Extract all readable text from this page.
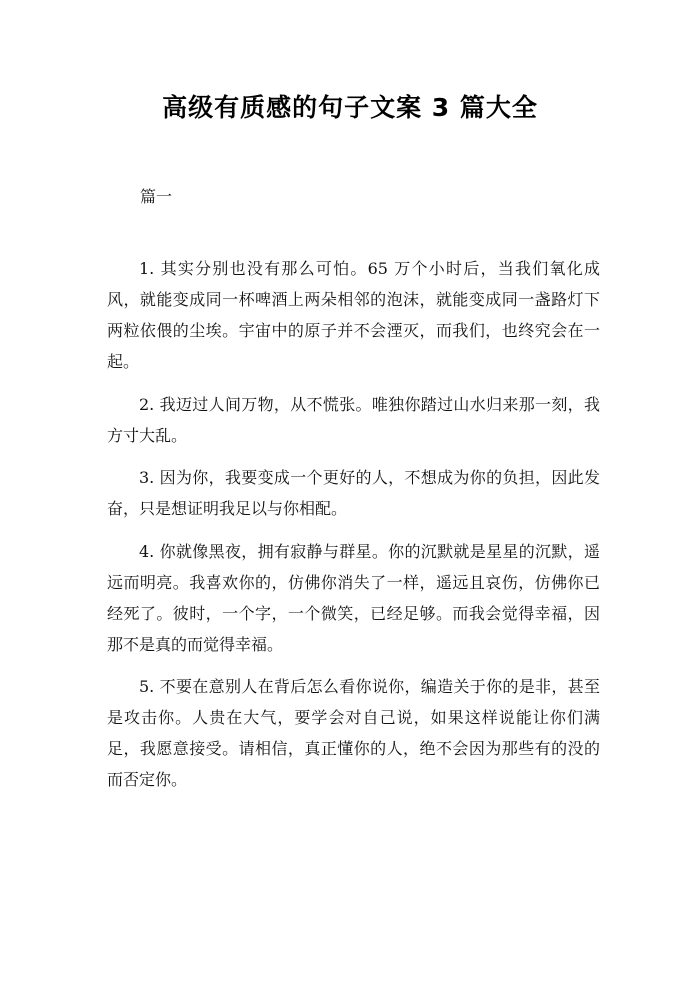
高级有质感的句子文案 3 篇大全
篇一

1. 其实分别也没有那么可怕。65 万个小时后，当我们氧化成风，就能变成同一杯啤酒上两朵相邻的泡沫，就能变成同一盏路灯下两粒依偎的尘埃。宇宙中的原子并不会湮灭，而我们，也终究会在一起。

2. 我迈过人间万物，从不慌张。唯独你踏过山水归来那一刻，我方寸大乱。

3. 因为你，我要变成一个更好的人，不想成为你的负担，因此发奋，只是想证明我足以与你相配。

4. 你就像黑夜，拥有寂静与群星。你的沉默就是星星的沉默，遥远而明亮。我喜欢你的，仿佛你消失了一样，遥远且哀伤，仿佛你已经死了。彼时，一个字，一个微笑，已经足够。而我会觉得幸福，因那不是真的而觉得幸福。

5. 不要在意别人在背后怎么看你说你，编造关于你的是非，甚至是攻击你。人贵在大气，要学会对自己说，如果这样说能让你们满足，我愿意接受。请相信，真正懂你的人，绝不会因为那些有的没的而否定你。
